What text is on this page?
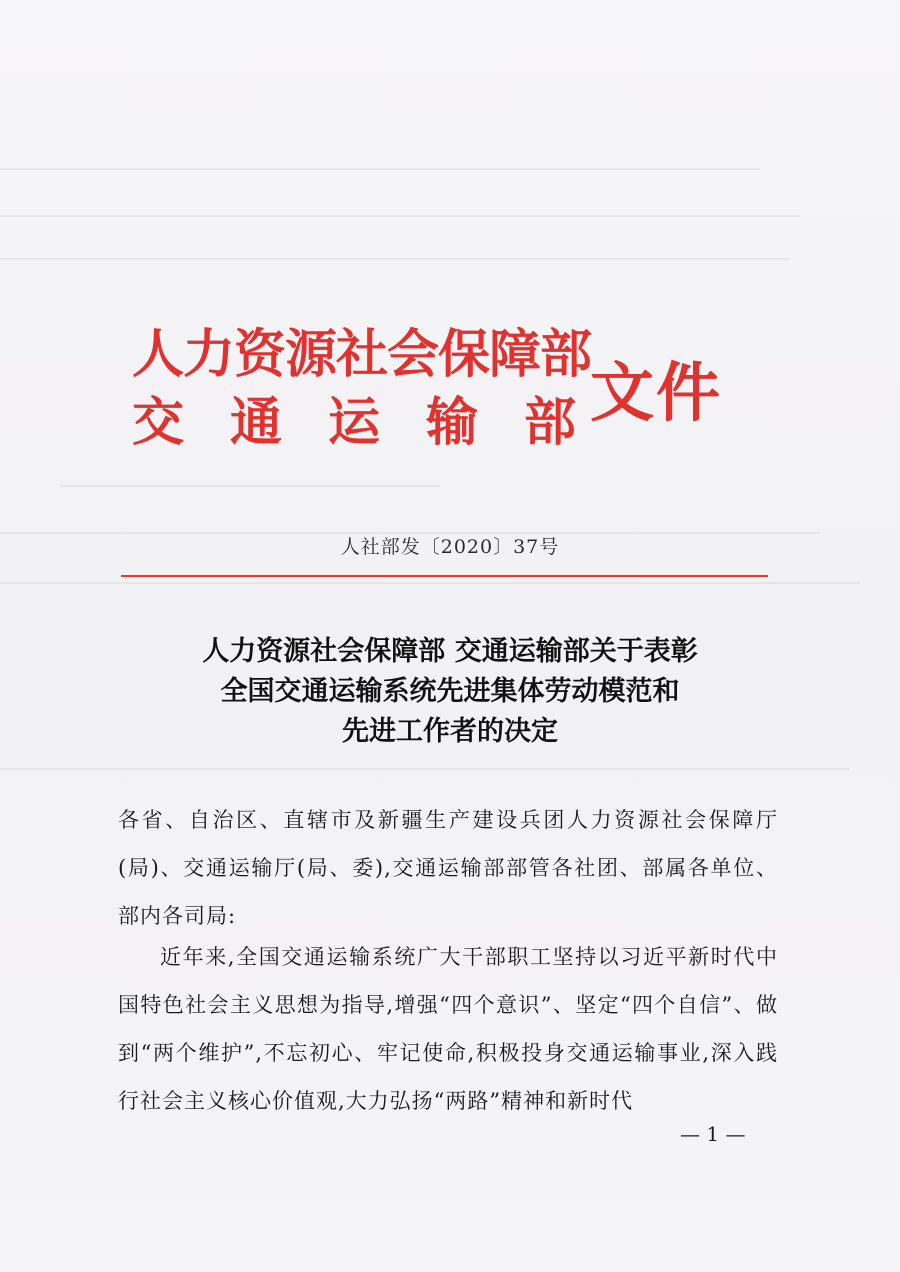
人力资源社会保障部
交通运输部
文件
人社部发〔2020〕37号
人力资源社会保障部 交通运输部关于表彰
全国交通运输系统先进集体劳动模范和
先进工作者的决定
各省、自治区、直辖市及新疆生产建设兵团人力资源社会保障厅(局)、交通运输厅(局、委),交通运输部部管各社团、部属各单位、部内各司局:
近年来,全国交通运输系统广大干部职工坚持以习近平新时代中国特色社会主义思想为指导,增强“四个意识”、坚定“四个自信”、做到“两个维护”,不忘初心、牢记使命,积极投身交通运输事业,深入践行社会主义核心价值观,大力弘扬“两路”精神和新时代
— 1 —
